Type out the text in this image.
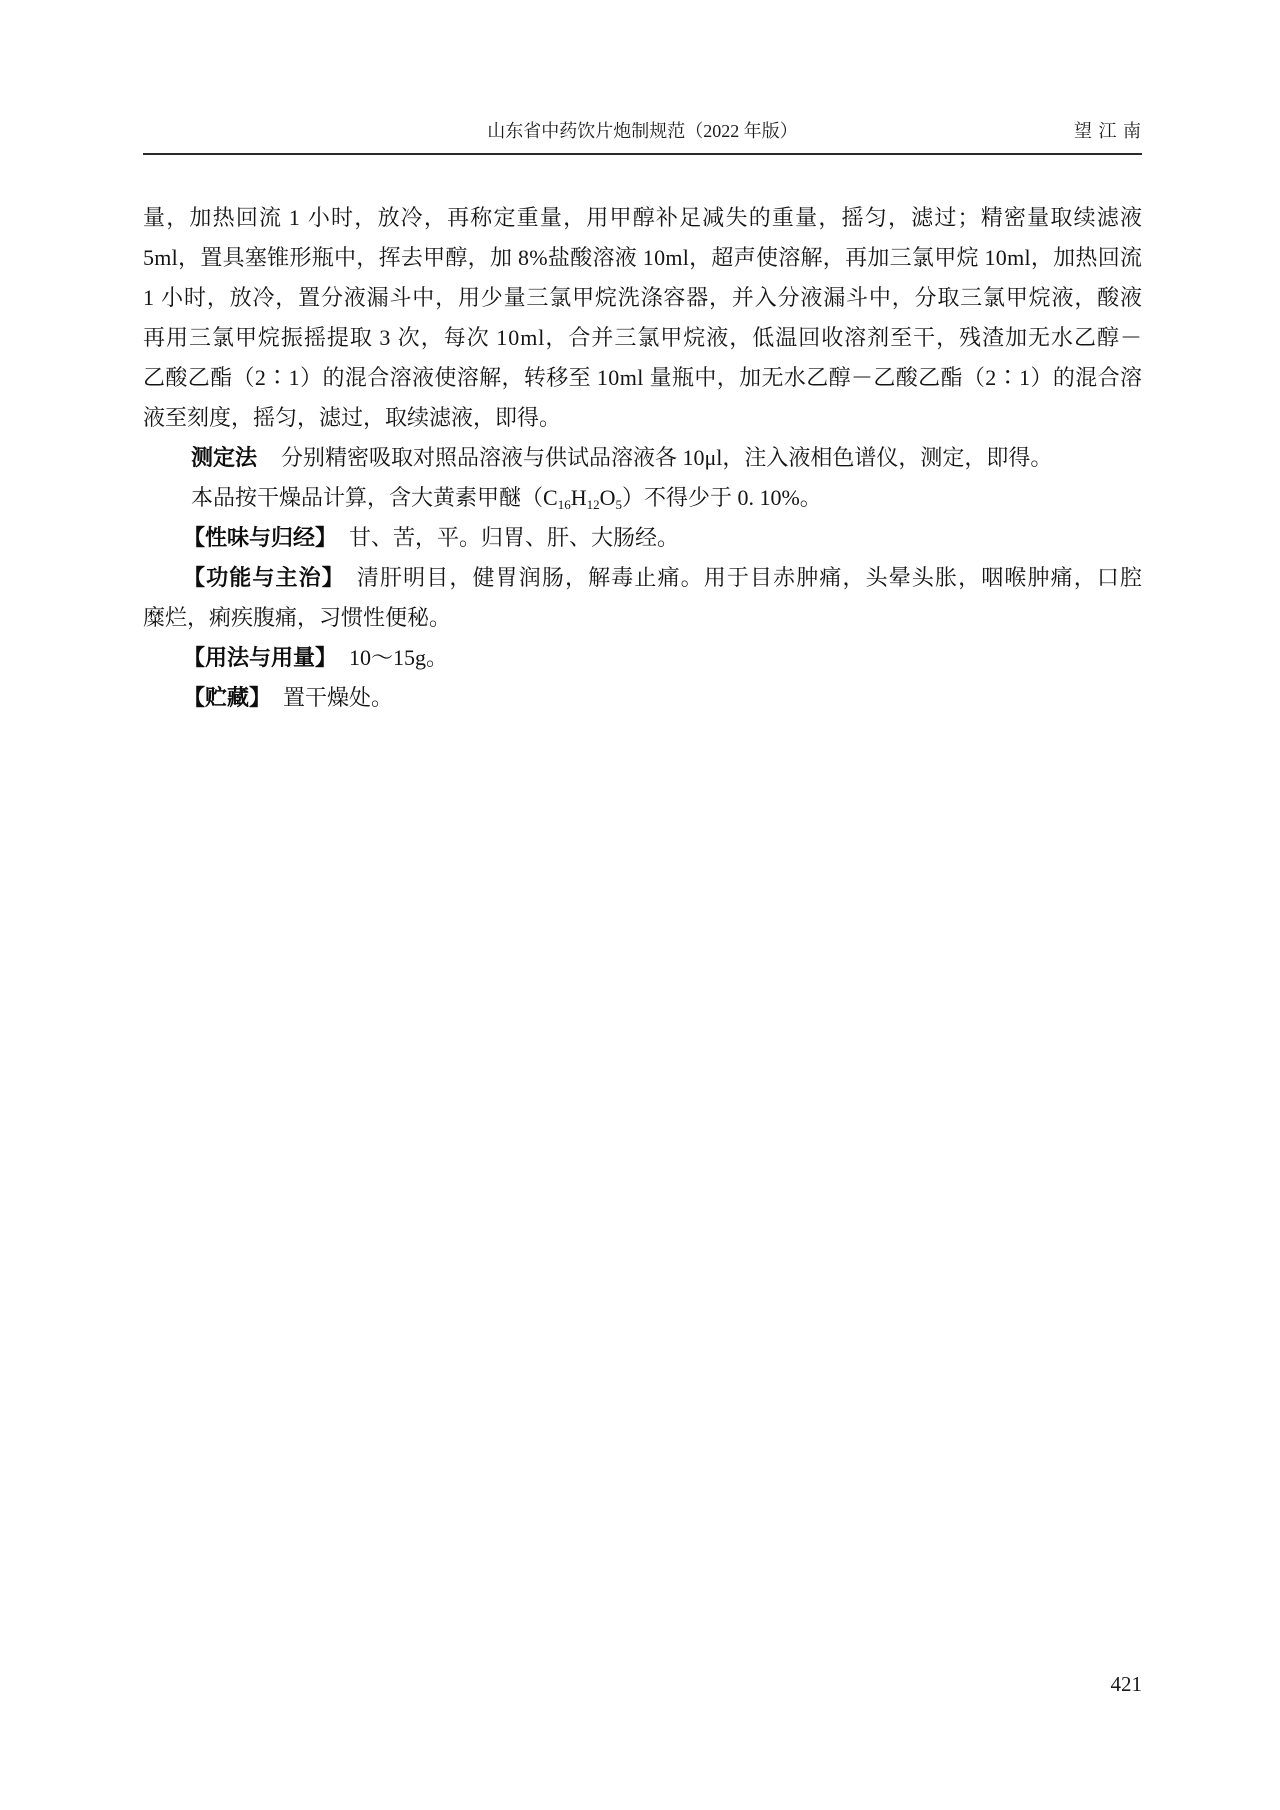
山东省中药饮片炮制规范（2022 年版）	望 江 南
量，加热回流 1 小时，放冷，再称定重量，用甲醇补足减失的重量，摇匀，滤过；精密量取续滤液
5ml，置具塞锥形瓶中，挥去甲醇，加 8%盐酸溶液 10ml，超声使溶解，再加三氯甲烷 10ml，加热回流
1 小时，放冷，置分液漏斗中，用少量三氯甲烷洗涤容器，并入分液漏斗中，分取三氯甲烷液，酸液
再用三氯甲烷振摇提取 3 次，每次 10ml，合并三氯甲烷液，低温回收溶剂至干，残渣加无水乙醇－
乙酸乙酯（2∶1）的混合溶液使溶解，转移至 10ml 量瓶中，加无水乙醇－乙酸乙酯（2∶1）的混合溶
液至刻度，摇匀，滤过，取续滤液，即得。
测定法 分别精密吸取对照品溶液与供试品溶液各 10μl，注入液相色谱仪，测定，即得。
本品按干燥品计算，含大黄素甲醚$(C_{16}H_{12}O_5)$不得少于 0. 10%。
【性味与归经】 甘、苦，平。归胃、肝、大肠经。
【功能与主治】 清肝明目，健胃润肠，解毒止痛。用于目赤肿痛，头晕头胀，咽喉肿痛，口腔
糜烂，痢疾腹痛，习惯性便秘。
【用法与用量】 10～15g。
【贮藏】 置干燥处。
421
